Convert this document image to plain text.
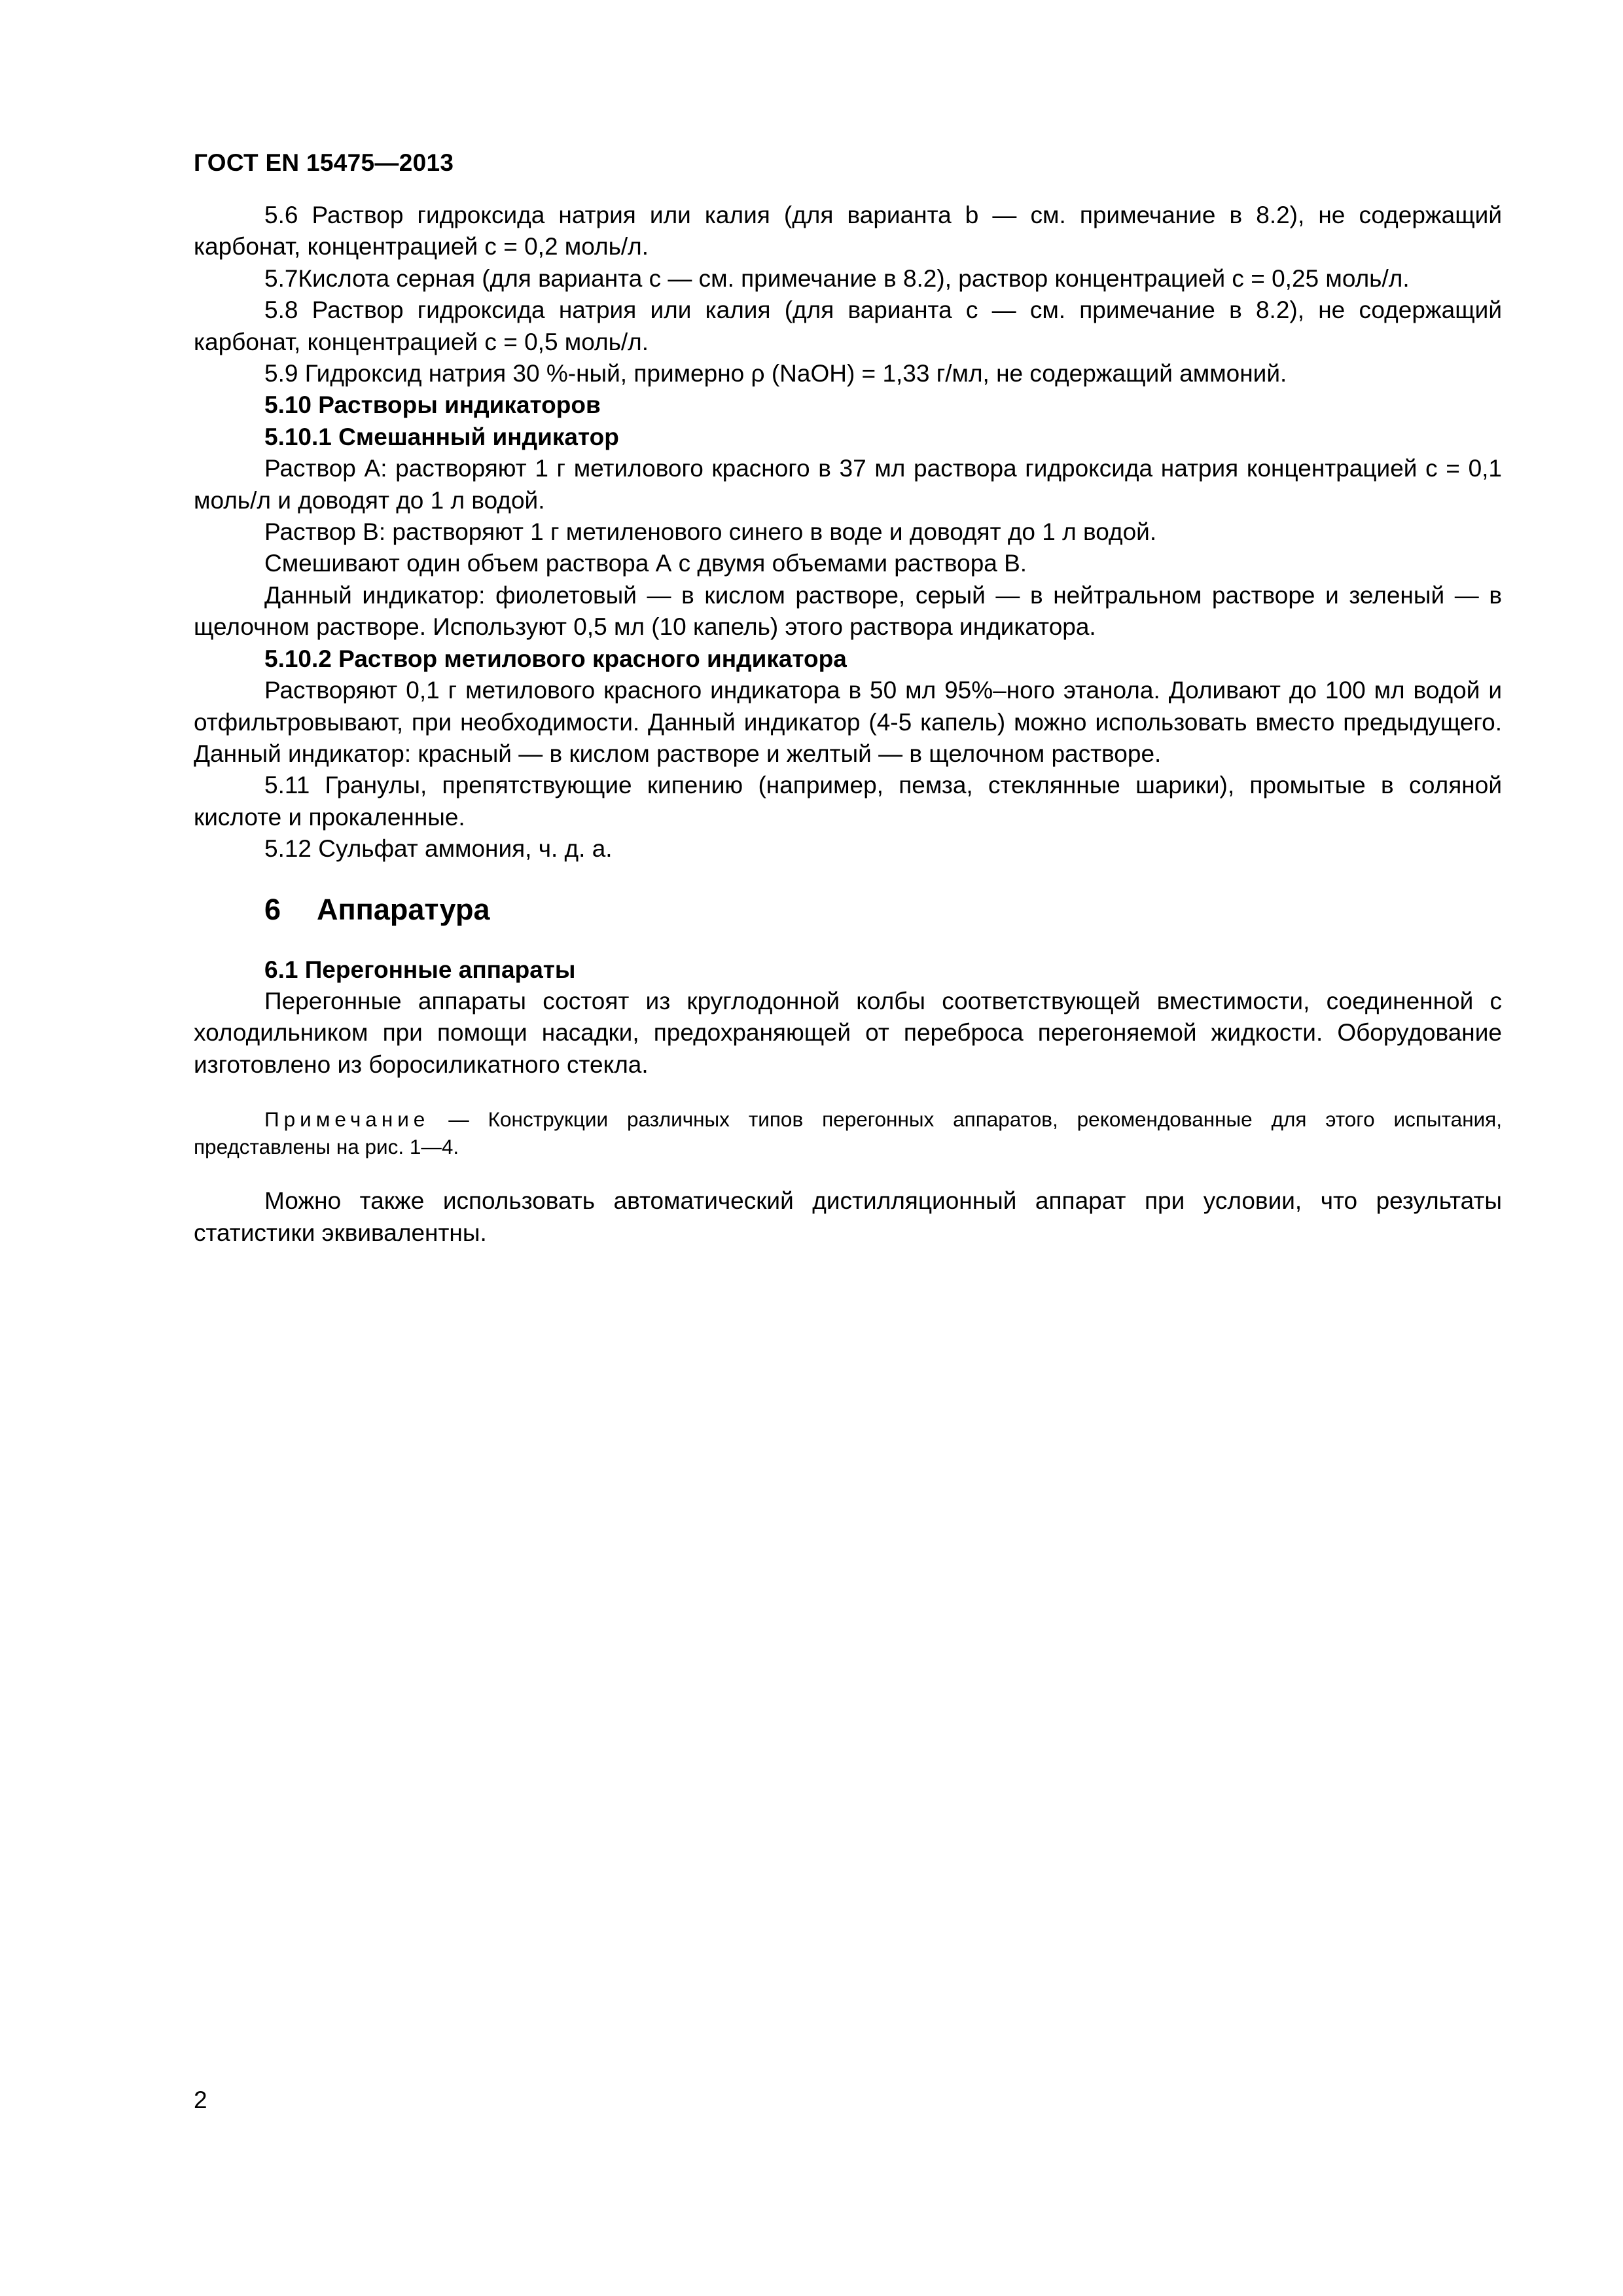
ГОСТ EN 15475—2013

5.6 Раствор гидроксида натрия или калия (для варианта b — см. примечание в 8.2), не содержащий карбонат, концентрацией c = 0,2 моль/л.

5.7Кислота серная (для варианта с — см. примечание в 8.2), раствор концентрацией c = 0,25 моль/л.

5.8 Раствор гидроксида натрия или калия (для варианта с — см. примечание в 8.2), не содержащий карбонат, концентрацией c = 0,5 моль/л.

5.9 Гидроксид натрия 30 %-ный, примерно ρ (NaOH) = 1,33 г/мл, не содержащий аммоний.

5.10 Растворы индикаторов

5.10.1 Смешанный индикатор

Раствор А: растворяют 1 г метилового красного в 37 мл раствора гидроксида натрия концентрацией c = 0,1 моль/л и доводят до 1 л водой.

Раствор В: растворяют 1 г метиленового синего в воде и доводят до 1 л водой.

Смешивают один объем раствора А с двумя объемами раствора В.

Данный индикатор: фиолетовый — в кислом растворе, серый — в нейтральном растворе и зеленый — в щелочном растворе. Используют 0,5 мл (10 капель) этого раствора индикатора.

5.10.2 Раствор метилового красного индикатора

Растворяют 0,1 г метилового красного индикатора в 50 мл 95%–ного этанола. Доливают до 100 мл водой и отфильтровывают, при необходимости. Данный индикатор (4-5 капель) можно использовать вместо предыдущего. Данный индикатор: красный — в кислом растворе и желтый — в щелочном растворе.

5.11 Гранулы, препятствующие кипению (например, пемза, стеклянные шарики), промытые в соляной кислоте и прокаленные.

5.12 Сульфат аммония, ч. д. а.

6 Аппаратура
6.1 Перегонные аппараты

Перегонные аппараты состоят из круглодонной колбы соответствующей вместимости, соединенной с холодильником при помощи насадки, предохраняющей от переброса перегоняемой жидкости. Оборудование изготовлено из боросиликатного стекла.

Примечание — Конструкции различных типов перегонных аппаратов, рекомендованные для этого испытания, представлены на рис. 1—4.

Можно также использовать автоматический дистилляционный аппарат при условии, что результаты статистики эквивалентны.

2
